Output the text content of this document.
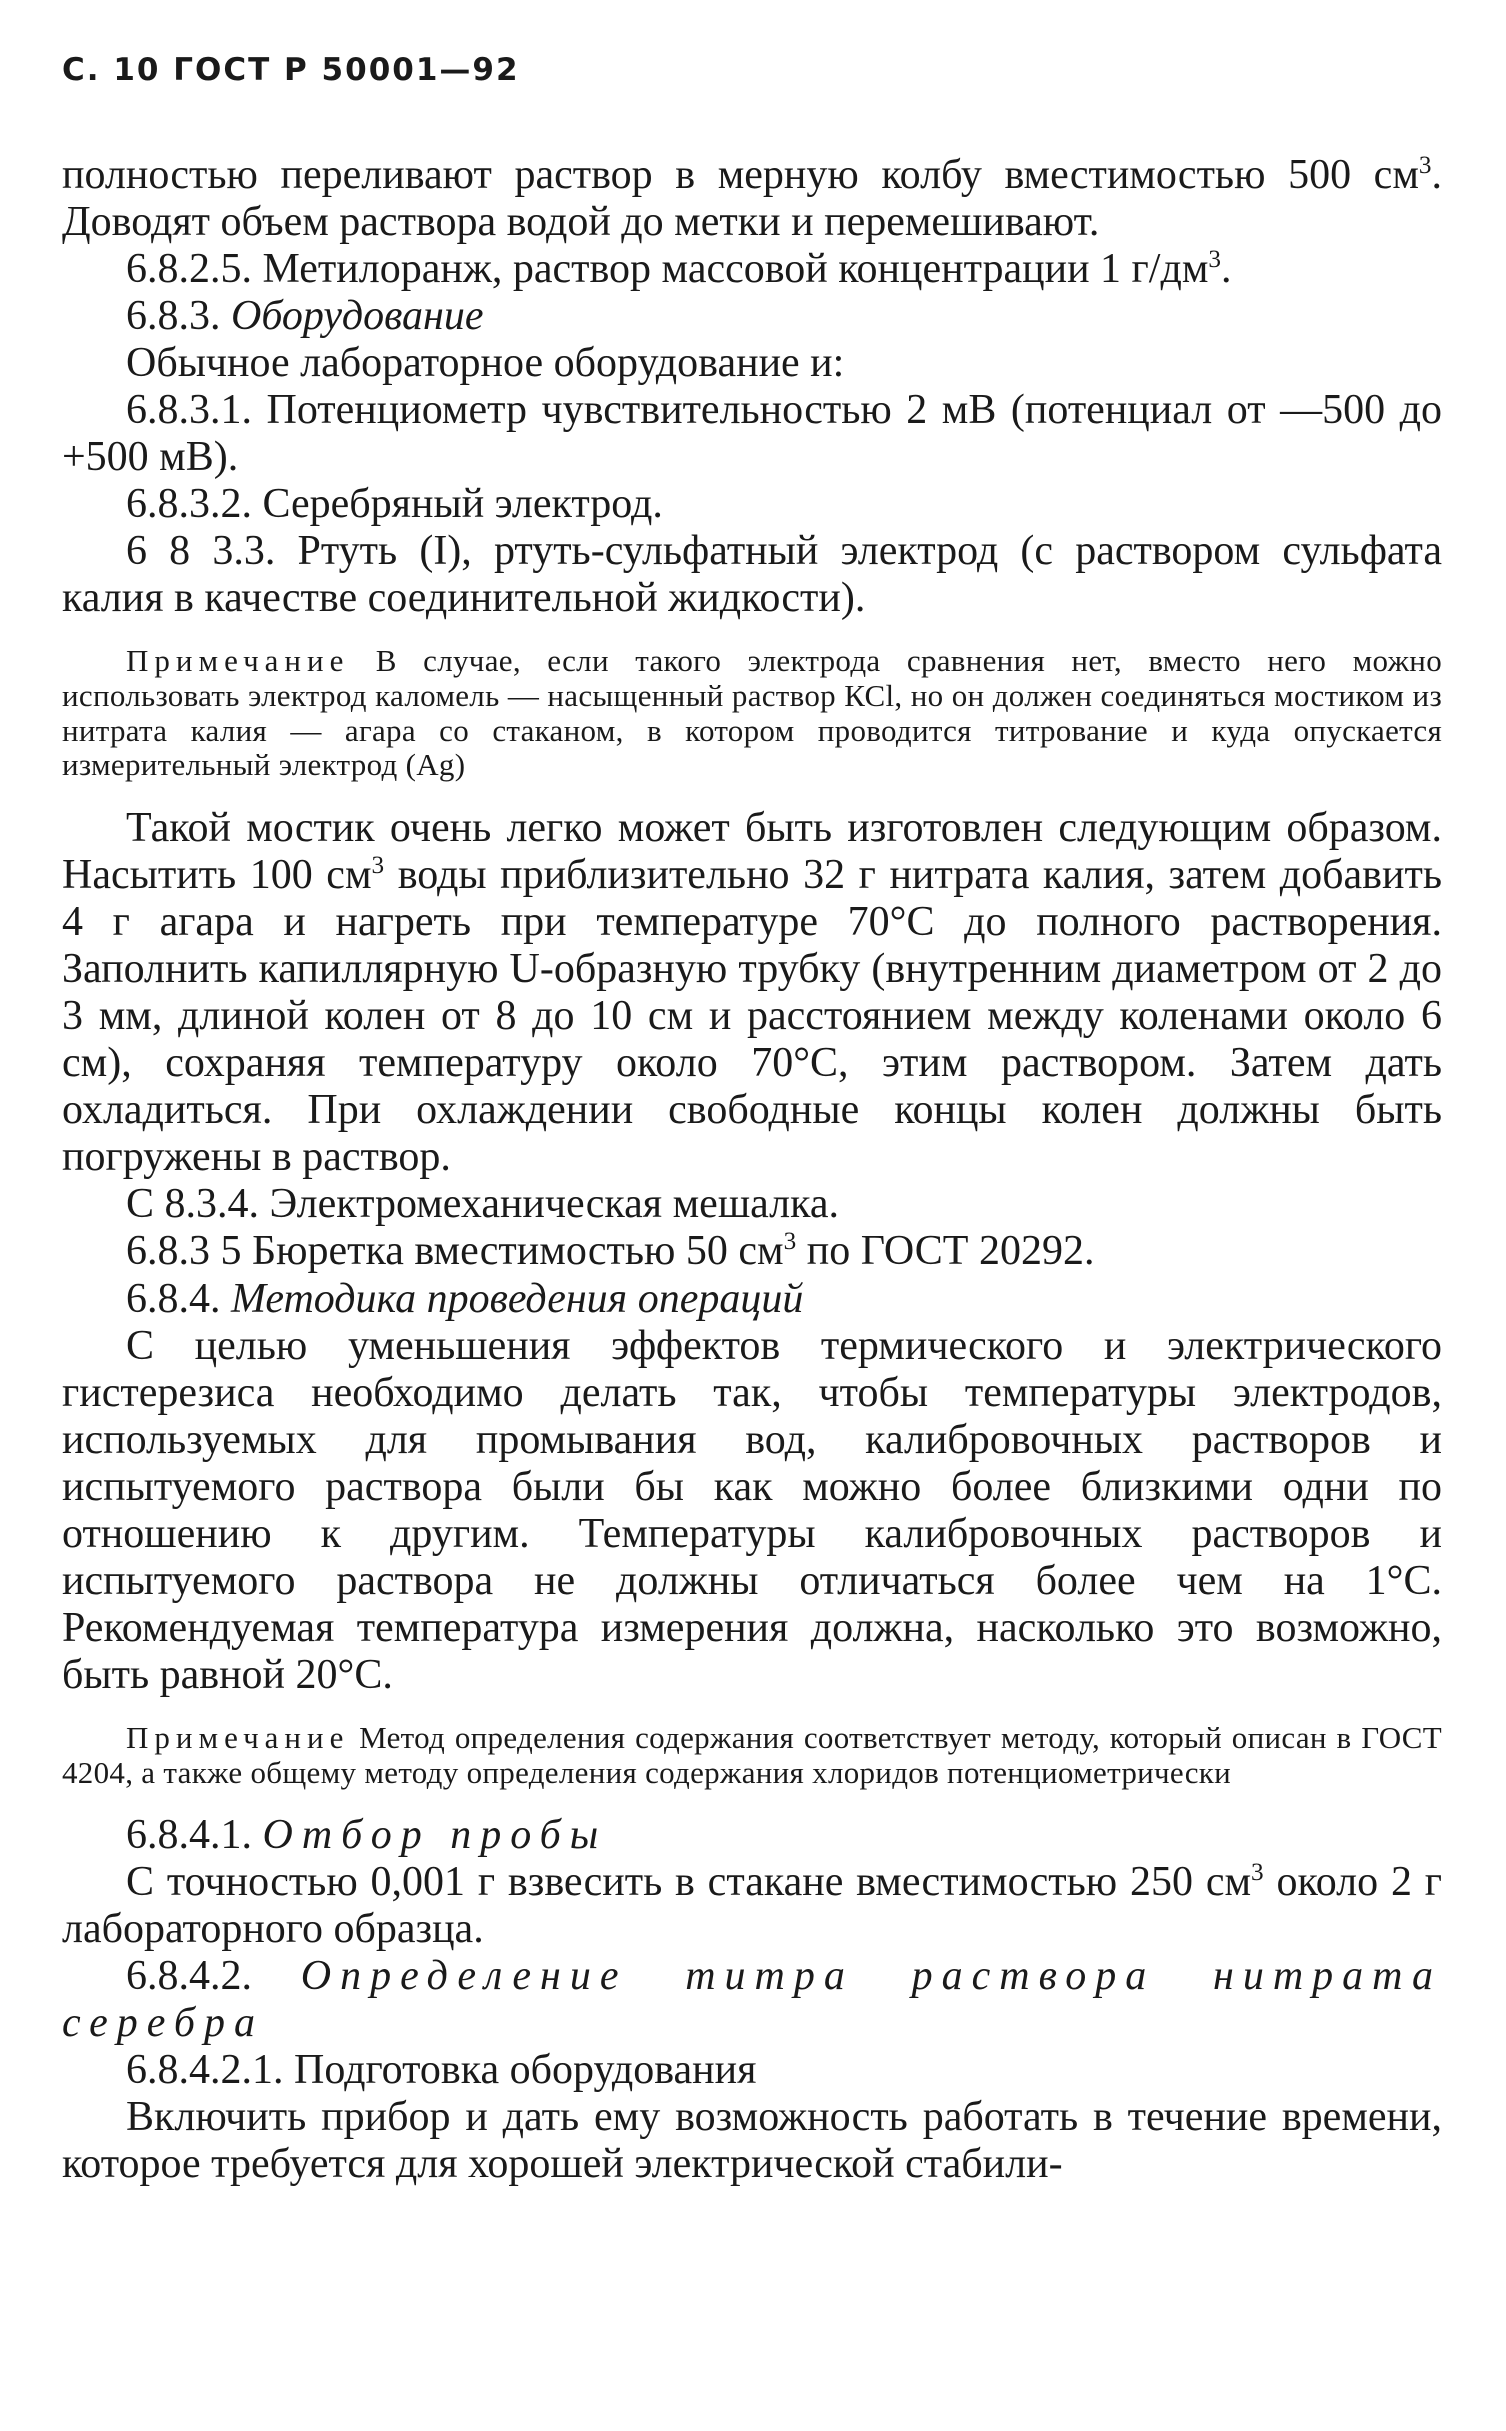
С. 10 ГОСТ Р 50001—92

полностью переливают раствор в мерную колбу вместимостью 500 $см^3$. Доводят объем раствора водой до метки и перемешивают.

6.8.2.5. Метилоранж, раствор массовой концентрации 1 $г/дм^3$.

6.8.3. Оборудование

Обычное лабораторное оборудование и:

6.8.3.1. Потенциометр чувствительностью 2 мВ (потенциал от —500 до +500 мВ).

6.8.3.2. Серебряный электрод.

6 8 3.3. Ртуть (I), ртуть-сульфатный электрод (с раствором сульфата калия в качестве соединительной жидкости).

Примечание В случае, если такого электрода сравнения нет, вместо него можно использовать электрод каломель — насыщенный раствор КСl, но он должен соединяться мостиком из нитрата калия — агара со стаканом, в котором проводится титрование и куда опускается измерительный электрод (Ag)

Такой мостик очень легко может быть изготовлен следующим образом. Насытить 100 $см^3$ воды приблизительно 32 г нитрата калия, затем добавить 4 г агара и нагреть при температуре 70°С до полного растворения. Заполнить капиллярную U-образную трубку (внутренним диаметром от 2 до 3 мм, длиной колен от 8 до 10 см и расстоянием между коленами около 6 см), сохраняя температуру около 70°С, этим раствором. Затем дать охладиться. При охлаждении свободные концы колен должны быть погружены в раствор.

С 8.3.4. Электромеханическая мешалка.

6.8.3 5 Бюретка вместимостью 50 $см^3$ по ГОСТ 20292.

6.8.4. Методика проведения операций

С целью уменьшения эффектов термического и электрического гистерезиса необходимо делать так, чтобы температуры электродов, используемых для промывания вод, калибровочных растворов и испытуемого раствора были бы как можно более близкими одни по отношению к другим. Температуры калибровочных растворов и испытуемого раствора не должны отличаться более чем на 1°С. Рекомендуемая температура измерения должна, насколько это возможно, быть равной 20°С.

Примечание Метод определения содержания соответствует методу, который описан в ГОСТ 4204, а также общему методу определения содержания хлоридов потенциометрически

6.8.4.1. Отбор пробы

С точностью 0,001 г взвесить в стакане вместимостью 250 $см^3$ около 2 г лабораторного образца.

6.8.4.2. Определение титра раствора нитрата серебра

6.8.4.2.1. Подготовка оборудования

Включить прибор и дать ему возможность работать в течение времени, которое требуется для хорошей электрической стабили-
